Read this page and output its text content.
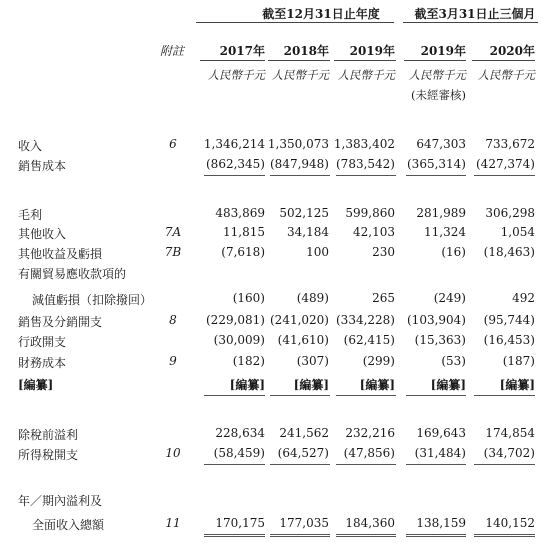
截至12月31日止年度	截至3月31日止三個月
附註	2017年 2018年 2019年 2019年 2020年
人民幣千元 人民幣千元 人民幣千元 人民幣千元 人民幣千元
(未經審核)
收入	6	1,346,214 1,350,073 1,383,402 647,303 733,672
銷售成本	(862,345) (847,948) (783,542) (365,314) (427,374)
毛利	483,869 502,125 599,860 281,989 306,298
其他收入	7A	11,815 34,184 42,103 11,324	1,054
其他收益及虧損	7B	(7,618)	100	230	(16) (18,463)
有關貿易應收款項的
減值虧損（扣除撥回）	(160)	(489)	265	(249)	492
銷售及分銷開支	8	(229,081) (241,020) (334,228) (103,904) (95,744)
行政開支	(30,009) (41,610) (62,415) (15,363) (16,453)
財務成本	9	(182)	(307)	(299)	(53)	(187)
[編纂]	[編纂] [編纂]	[編纂]	[編纂]	[編纂]
除稅前溢利	228,634 241,562 232,216 169,643 174,854
所得稅開支	10	(58,459) (64,527) (47,856) (31,484) (34,702)
年／期內溢利及
全面收入總額	11	170,175 177,035 184,360 138,159 140,152
